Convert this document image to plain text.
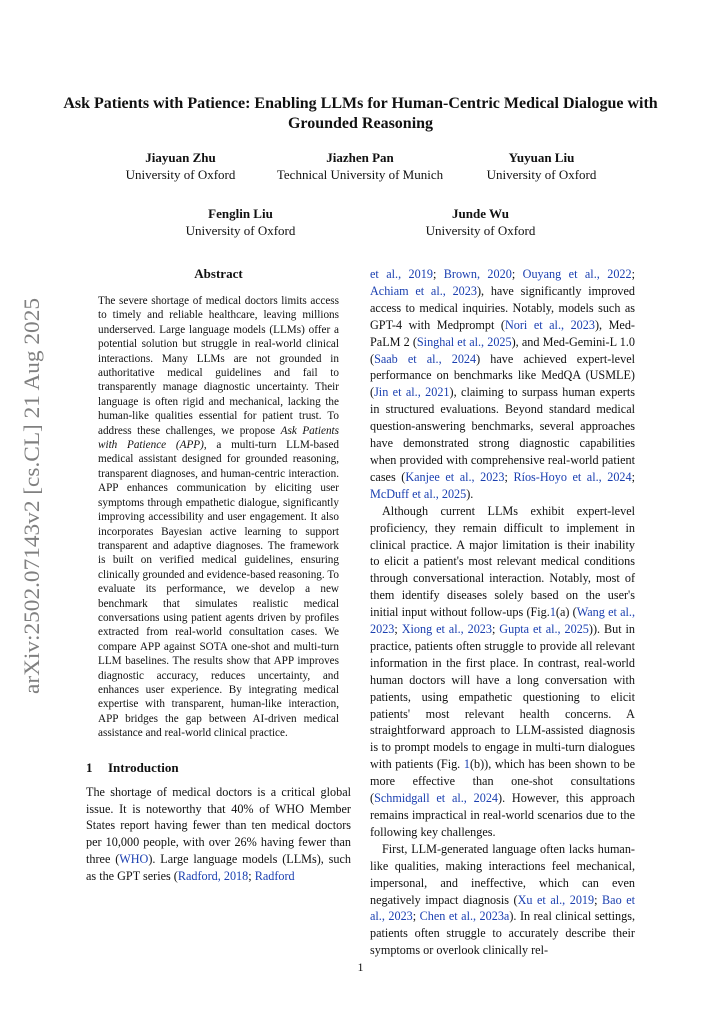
arXiv:2502.07143v2 [cs.CL] 21 Aug 2025
Ask Patients with Patience: Enabling LLMs for Human-Centric Medical Dialogue with Grounded Reasoning
Jiayuan Zhu
University of Oxford
Jiazhen Pan
Technical University of Munich
Yuyuan Liu
University of Oxford
Fenglin Liu
University of Oxford
Junde Wu
University of Oxford
Abstract
The severe shortage of medical doctors limits access to timely and reliable healthcare, leaving millions underserved. Large language models (LLMs) offer a potential solution but struggle in real-world clinical interactions. Many LLMs are not grounded in authoritative medical guidelines and fail to transparently manage diagnostic uncertainty. Their language is often rigid and mechanical, lacking the human-like qualities essential for patient trust. To address these challenges, we propose Ask Patients with Patience (APP), a multi-turn LLM-based medical assistant designed for grounded reasoning, transparent diagnoses, and human-centric interaction. APP enhances communication by eliciting user symptoms through empathetic dialogue, significantly improving accessibility and user engagement. It also incorporates Bayesian active learning to support transparent and adaptive diagnoses. The framework is built on verified medical guidelines, ensuring clinically grounded and evidence-based reasoning. To evaluate its performance, we develop a new benchmark that simulates realistic medical conversations using patient agents driven by profiles extracted from real-world consultation cases. We compare APP against SOTA one-shot and multi-turn LLM baselines. The results show that APP improves diagnostic accuracy, reduces uncertainty, and enhances user experience. By integrating medical expertise with transparent, human-like interaction, APP bridges the gap between AI-driven medical assistance and real-world clinical practice.
1 Introduction
The shortage of medical doctors is a critical global issue. It is noteworthy that 40% of WHO Member States report having fewer than ten medical doctors per 10,000 people, with over 26% having fewer than three (WHO). Large language models (LLMs), such as the GPT series (Radford, 2018; Radford

et al., 2019; Brown, 2020; Ouyang et al., 2022; Achiam et al., 2023), have significantly improved access to medical inquiries. Notably, models such as GPT-4 with Medprompt (Nori et al., 2023), Med-PaLM 2 (Singhal et al., 2025), and Med-Gemini-L 1.0 (Saab et al., 2024) have achieved expert-level performance on benchmarks like MedQA (USMLE) (Jin et al., 2021), claiming to surpass human experts in structured evaluations. Beyond standard medical question-answering benchmarks, several approaches have demonstrated strong diagnostic capabilities when provided with comprehensive real-world patient cases (Kanjee et al., 2023; Ríos-Hoyo et al., 2024; McDuff et al., 2025).

Although current LLMs exhibit expert-level proficiency, they remain difficult to implement in clinical practice. A major limitation is their inability to elicit a patient's most relevant medical conditions through conversational interaction. Notably, most of them identify diseases solely based on the user's initial input without follow-ups (Fig.1(a) (Wang et al., 2023; Xiong et al., 2023; Gupta et al., 2025)). But in practice, patients often struggle to provide all relevant information in the first place. In contrast, real-world human doctors will have a long conversation with patients, using empathetic questioning to elicit patients' most relevant health concerns. A straightforward approach to LLM-assisted diagnosis is to prompt models to engage in multi-turn dialogues with patients (Fig. 1(b)), which has been shown to be more effective than one-shot consultations (Schmidgall et al., 2024). However, this approach remains impractical in real-world scenarios due to the following key challenges.

First, LLM-generated language often lacks human-like qualities, making interactions feel mechanical, impersonal, and ineffective, which can even negatively impact diagnosis (Xu et al., 2019; Bao et al., 2023; Chen et al., 2023a). In real clinical settings, patients often struggle to accurately describe their symptoms or overlook clinically rel-

1
